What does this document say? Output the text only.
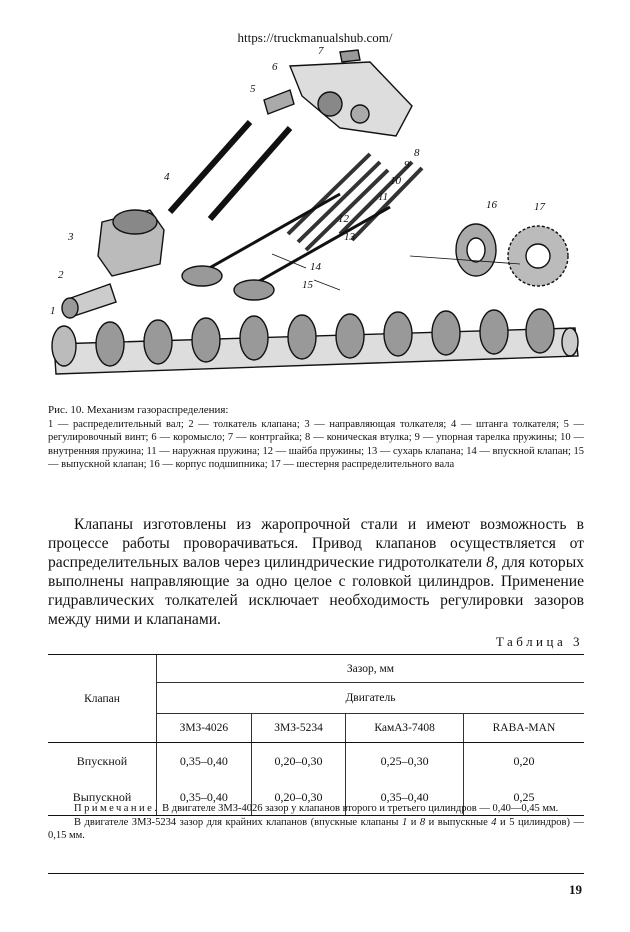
https://truckmanualshub.com/
1
2
3
4
5
6
7
8
9
10
11
12
13
14
15
16	17
Рис. 10. Механизм газораспределения:
1 — распределительный вал; 2 — толкатель клапана; 3 — направляющая толкателя; 4 — штанга толкателя; 5 — регулировочный винт; 6 — коромысло; 7 — контргайка; 8 — коническая втулка; 9 — упорная тарелка пружины; 10 — внутренняя пружина; 11 — наружная пружина; 12 — шайба пружины; 13 — сухарь клапана; 14 — впускной клапан; 15 — выпускной клапан; 16 — корпус подшипника; 17 — шестерня распределительного вала
Клапаны изготовлены из жаропрочной стали и имеют возможность в процессе работы проворачиваться. Привод клапанов осуществляется от распределительных валов через цилиндрические гидротолкатели 8, для которых выполнены направляющие за одно целое с головкой цилиндров. Применение гидравлических толкателей исключает необходимость регулировки зазоров между ними и клапанами.
Таблица 3
Клапан	Зазор, мм			
	Двигатель			
	ЗМЗ-4026	ЗМЗ-5234	КамАЗ-7408	RABA-MAN
Впускной	0,35–0,40	0,20–0,30	0,25–0,30	0,20
Выпускной	0,35–0,40	0,20–0,30	0,35–0,40	0,25

Примечание. В двигателе ЗМЗ-4026 зазор у клапанов второго и третьего цилиндров — 0,40—0,45 мм.

В двигателе ЗМЗ-5234 зазор для крайних клапанов (впускные клапаны 1 и 8 и выпускные 4 и 5 цилиндров) — 0,15 мм.

19
